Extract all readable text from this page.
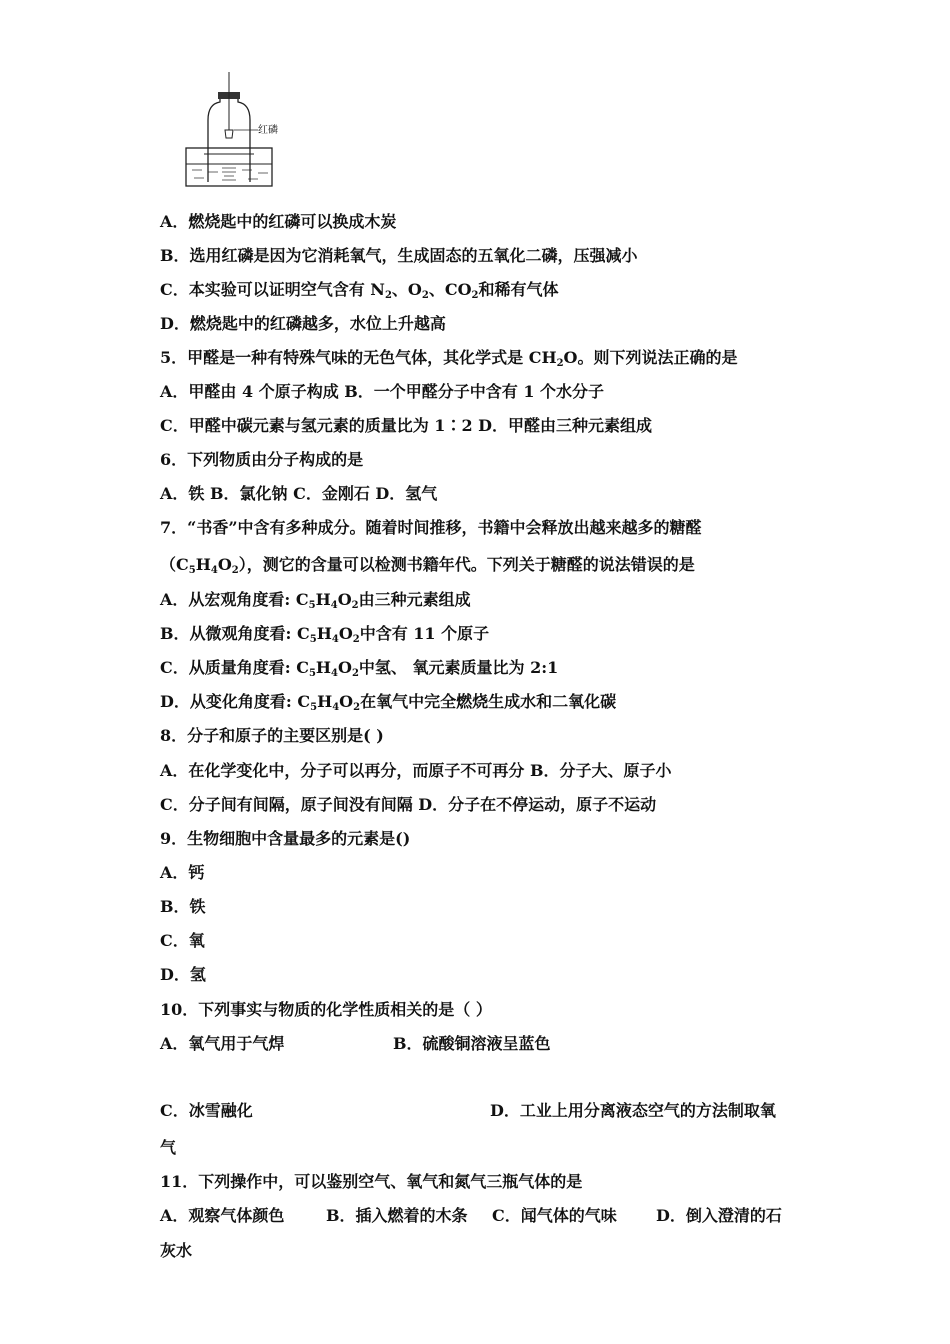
红磷
A．燃烧匙中的红磷可以换成木炭
B．选用红磷是因为它消耗氧气，生成固态的五氧化二磷，压强减小
C．本实验可以证明空气含有 $N_2$、$O_2$、$CO_2$和稀有气体
D．燃烧匙中的红磷越多，水位上升越高
5．甲醛是一种有特殊气味的无色气体，其化学式是 $CH_2O$。则下列说法正确的是
A．甲醛由 4 个原子构成 B．一个甲醛分子中含有 1 个水分子
C．甲醛中碳元素与氢元素的质量比为 1∶2 D．甲醛由三种元素组成
6．下列物质由分子构成的是
A．铁 B．氯化钠 C．金刚石 D．氢气
7．“书香”中含有多种成分。随着时间推移，书籍中会释放出越来越多的糖醛
$(C_5H_4O_2)$，测它的含量可以检测书籍年代。下列关于糖醛的说法错误的是
A．从宏观角度看: $C_5H_4O_2$由三种元素组成
B．从微观角度看: $C_5H_4O_2$中含有 11 个原子
C．从质量角度看: $C_5H_4O_2$中氢、 氧元素质量比为 2:1
D．从变化角度看: $C_5H_4O_2$在氧气中完全燃烧生成水和二氧化碳
8．分子和原子的主要区别是( )
A．在化学变化中，分子可以再分，而原子不可再分 B．分子大、原子小
C．分子间有间隔，原子间没有间隔 D．分子在不停运动，原子不运动
9．生物细胞中含量最多的元素是()
A．钙
B．铁
C．氧
D．氢
10．下列事实与物质的化学性质相关的是（ ）
A．氧气用于气焊	B．硫酸铜溶液呈蓝色
C．冰雪融化	D．工业上用分离液态空气的方法制取氧
气
11．下列操作中，可以鉴别空气、氧气和氮气三瓶气体的是
A．观察气体颜色	B．插入燃着的木条 C．闻气体的气味 D．倒入澄清的石
灰水
